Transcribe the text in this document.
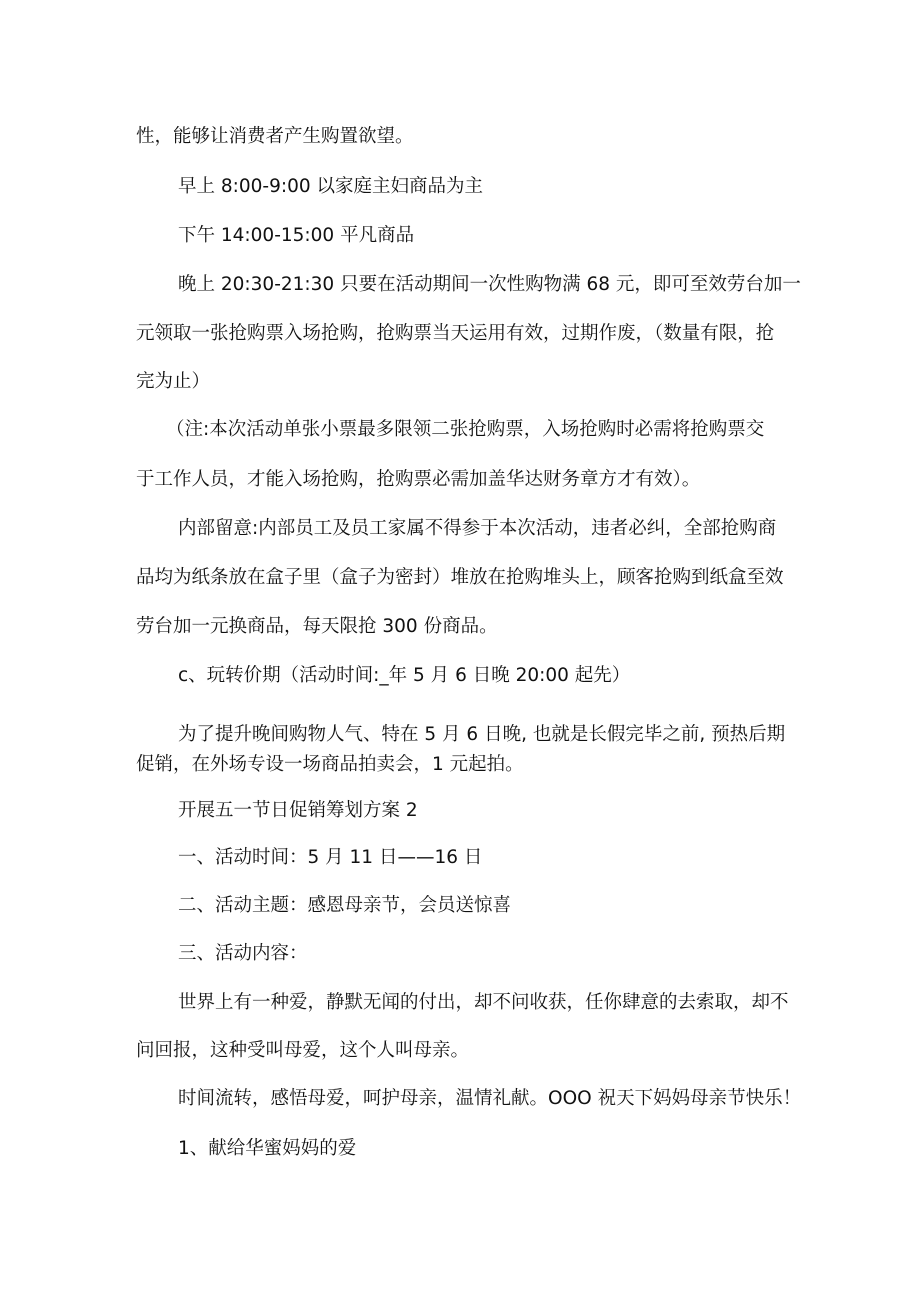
性，能够让消费者产生购置欲望。

早上 8:00-9:00 以家庭主妇商品为主

下午 14:00-15:00 平凡商品

晚上 20:30-21:30 只要在活动期间一次性购物满 68 元，即可至效劳台加一

元领取一张抢购票入场抢购，抢购票当天运用有效，过期作废，（数量有限，抢

完为止）

（注:本次活动单张小票最多限领二张抢购票，入场抢购时必需将抢购票交

于工作人员，才能入场抢购，抢购票必需加盖华达财务章方才有效）。

内部留意:内部员工及员工家属不得参于本次活动，违者必纠，全部抢购商

品均为纸条放在盒子里（盒子为密封）堆放在抢购堆头上，顾客抢购到纸盒至效

劳台加一元换商品，每天限抢 300 份商品。

c、玩转价期（活动时间:_年 5 月 6 日晚 20:00 起先）

为了提升晚间购物人气、特在 5 月 6 日晚, 也就是长假完毕之前, 预热后期

促销，在外场专设一场商品拍卖会，1 元起拍。

开展五一节日促销筹划方案 2

一、活动时间：5 月 11 日——16 日

二、活动主题：感恩母亲节，会员送惊喜

三、活动内容：

世界上有一种爱，静默无闻的付出，却不问收获，任你肆意的去索取，却不

问回报，这种受叫母爱，这个人叫母亲。

时间流转，感悟母爱，呵护母亲，温情礼献。OOO 祝天下妈妈母亲节快乐！

1、献给华蜜妈妈的爱
